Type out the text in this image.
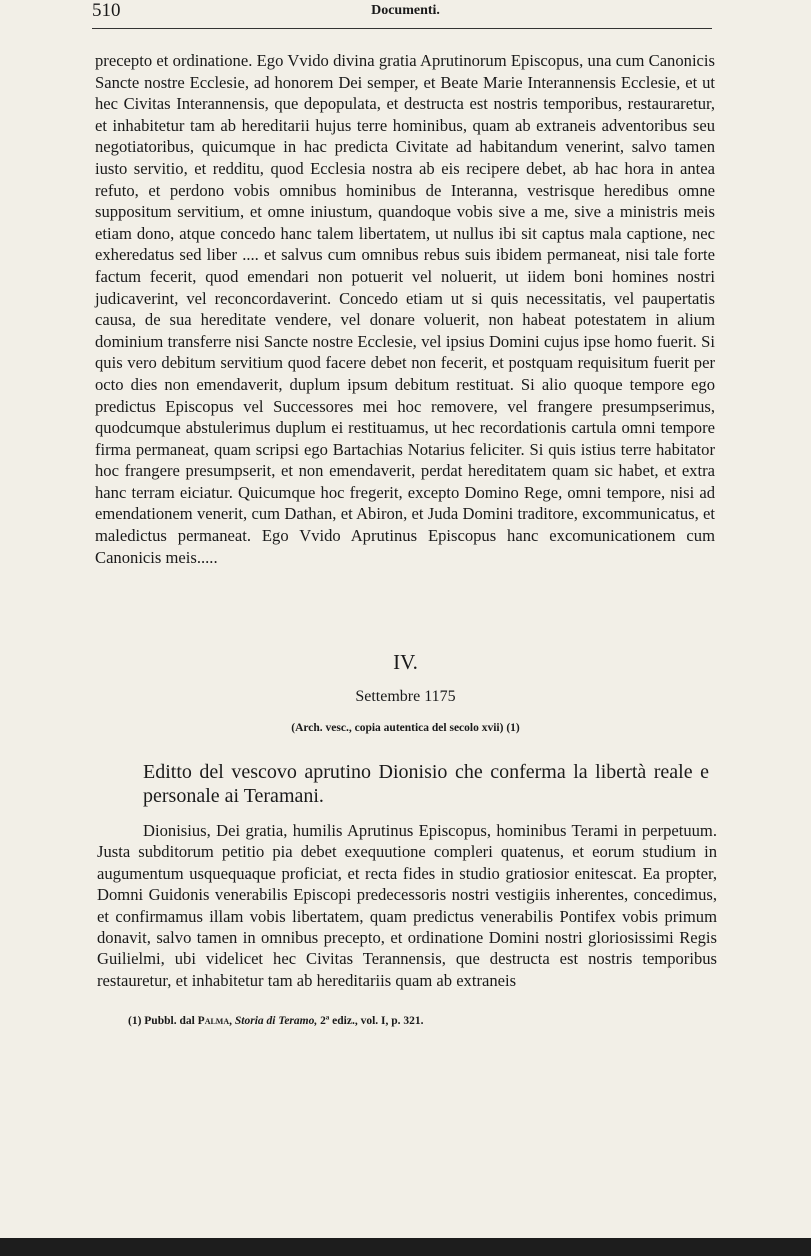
510	Documenti.
precepto et ordinatione. Ego Vvido divina gratia Aprutinorum Episcopus, una cum Canonicis Sancte nostre Ecclesie, ad honorem Dei semper, et Beate Marie Interannensis Ecclesie, et ut hec Civitas Interannensis, que depopulata, et destructa est nostris temporibus, restauraretur, et inhabitetur tam ab hereditarii hujus terre hominibus, quam ab extraneis adventoribus seu negotiatoribus, quicumque in hac predicta Civitate ad habitandum venerint, salvo tamen iusto servitio, et redditu, quod Ecclesia nostra ab eis recipere debet, ab hac hora in antea refuto, et perdono vobis omnibus hominibus de Interanna, vestrisque heredibus omne suppositum servitium, et omne iniustum, quandoque vobis sive a me, sive a ministris meis etiam dono, atque concedo hanc talem libertatem, ut nullus ibi sit captus mala captione, nec exheredatus sed liber .... et salvus cum omnibus rebus suis ibidem permaneat, nisi tale forte factum fecerit, quod emendari non potuerit vel noluerit, ut iidem boni homines nostri judicaverint, vel reconcordaverint. Concedo etiam ut si quis necessitatis, vel paupertatis causa, de sua hereditate vendere, vel donare voluerit, non habeat potestatem in alium dominium transferre nisi Sancte nostre Ecclesie, vel ipsius Domini cujus ipse homo fuerit. Si quis vero debitum servitium quod facere debet non fecerit, et postquam requisitum fuerit per octo dies non emendaverit, duplum ipsum debitum restituat. Si alio quoque tempore ego predictus Episcopus vel Successores mei hoc removere, vel frangere presumpserimus, quodcumque abstulerimus duplum ei restituamus, ut hec recordationis cartula omni tempore firma permaneat, quam scripsi ego Bartachias Notarius feliciter. Si quis istius terre habitator hoc frangere presumpserit, et non emendaverit, perdat hereditatem quam sic habet, et extra hanc terram eiciatur. Quicumque hoc fregerit, excepto Domino Rege, omni tempore, nisi ad emendationem venerit, cum Dathan, et Abiron, et Juda Domini traditore, excommunicatus, et maledictus permaneat. Ego Vvido Aprutinus Episcopus hanc excomunicationem cum Canonicis meis.....
IV.
Settembre 1175
(Arch. vesc., copia autentica del secolo xvii) (1)
Editto del vescovo aprutino Dionisio che conferma la libertà reale e personale ai Teramani.
Dionisius, Dei gratia, humilis Aprutinus Episcopus, hominibus Terami in perpetuum. Justa subditorum petitio pia debet exequutione compleri quatenus, et eorum studium in augumentum usquequaque proficiat, et recta fides in studio gratiosior enitescat. Ea propter, Domni Guidonis venerabilis Episcopi predecessoris nostri vestigiis inherentes, concedimus, et confirmamus illam vobis libertatem, quam predictus venerabilis Pontifex vobis primum donavit, salvo tamen in omnibus precepto, et ordinatione Domini nostri gloriosissimi Regis Guilielmi, ubi videlicet hec Civitas Terannensis, que destructa est nostris temporibus restauretur, et inhabitetur tam ab hereditariis quam ab extraneis
(1) Pubbl. dal Palma, Storia di Teramo, 2ª ediz., vol. I, p. 321.
